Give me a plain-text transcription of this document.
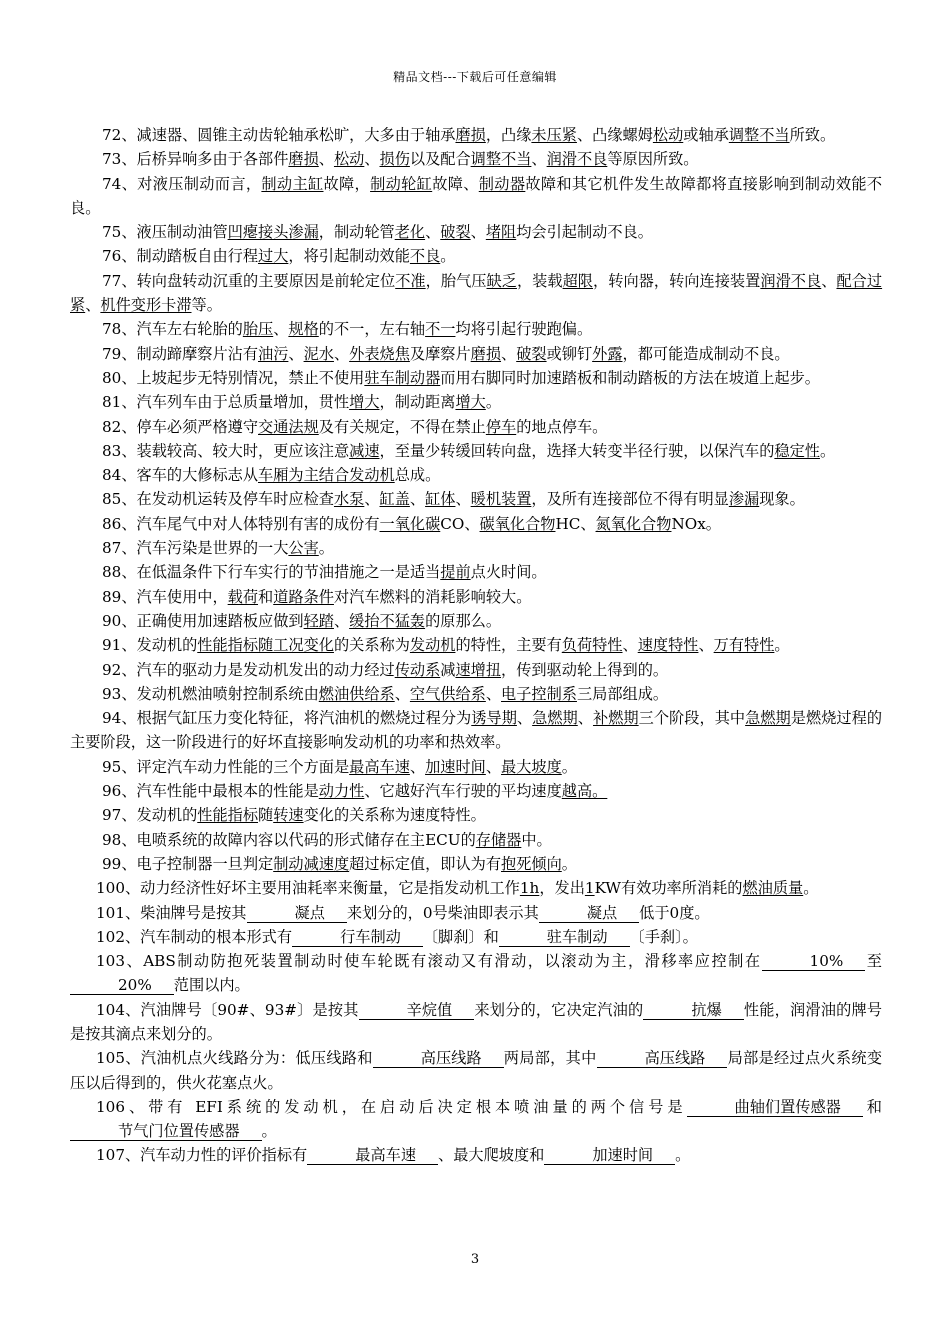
精品文档---下载后可任意编辑

72、减速器、圆锥主动齿轮轴承松旷，大多由于轴承磨损，凸缘未压紧、凸缘螺姆松动或轴承调整不当所致。

73、后桥异响多由于各部件磨损、松动、损伤以及配合调整不当、润滑不良等原因所致。

74、对液压制动而言，制动主缸故障，制动轮缸故障、制动器故障和其它机件发生故障都将直接影响到制动效能不良。

75、液压制动油管凹瘪接头渗漏，制动轮管老化、破裂、堵阻均会引起制动不良。

76、制动踏板自由行程过大，将引起制动效能不良。

77、转向盘转动沉重的主要原因是前轮定位不准，胎气压缺乏，装载超限，转向器，转向连接装置润滑不良、配合过紧、机件变形卡滞等。

78、汽车左右轮胎的胎压、规格的不一，左右轴不一均将引起行驶跑偏。

79、制动蹄摩察片沾有油污、泥水、外表烧焦及摩察片磨损、破裂或铆钉外露，都可能造成制动不良。

80、上坡起步无特别情况，禁止不使用驻车制动器而用右脚同时加速踏板和制动踏板的方法在坡道上起步。

81、汽车列车由于总质量增加，贯性增大，制动距离增大。

82、停车必须严格遵守交通法规及有关规定，不得在禁止停车的地点停车。

83、装载较高、较大时，更应该注意减速，至量少转缓回转向盘，选择大转变半径行驶，以保汽车的稳定性。

84、客车的大修标志从车厢为主结合发动机总成。

85、在发动机运转及停车时应检查水泵、缸盖、缸体、暖机装置，及所有连接部位不得有明显渗漏现象。

86、汽车尾气中对人体特别有害的成份有一氧化碳CO、碳氧化合物HC、氮氧化合物NOx。

87、汽车污染是世界的一大公害。

88、在低温条件下行车实行的节油措施之一是适当提前点火时间。

89、汽车使用中，载荷和道路条件对汽车燃料的消耗影响较大。

90、正确使用加速踏板应做到轻踏、缓抬不猛轰的原那么。

91、发动机的性能指标随工况变化的关系称为发动机的特性，主要有负荷特性、速度特性、万有特性。

92、汽车的驱动力是发动机发出的动力经过传动系减速增扭，传到驱动轮上得到的。

93、发动机燃油喷射控制系统由燃油供给系、空气供给系、电子控制系三局部组成。

94、根据气缸压力变化特征，将汽油机的燃烧过程分为诱导期、急燃期、补燃期三个阶段，其中急燃期是燃烧过程的主要阶段，这一阶段进行的好坏直接影响发动机的功率和热效率。

95、评定汽车动力性能的三个方面是最高车速、加速时间、最大坡度。

96、汽车性能中最根本的性能是动力性、它越好汽车行驶的平均速度越高。

97、发动机的性能指标随转速变化的关系称为速度特性。

98、电喷系统的故障内容以代码的形式储存在主ECU的存储器中。

99、电子控制器一旦判定制动减速度超过标定值，即认为有抱死倾向。

100、动力经济性好坏主要用油耗率来衡量，它是指发动机工作1h，发出1KW有效功率所消耗的燃油质量。

101、柴油牌号是按其	凝点 来划分的，0号柴油即表示其	凝点 低于0度。

102、汽车制动的根本形式有	行车制动 〔脚刹〕和	驻车制动 〔手刹〕。

103、ABS制动防抱死装置制动时使车轮既有滚动又有滑动，以滚动为主，滑移率应控制在	10% 至20% 范围以内。

104、汽油牌号〔90#、93#〕是按其	辛烷值 来划分的，它决定汽油的	抗爆 性能，润滑油的牌号是按其滴点来划分的。

105、汽油机点火线路分为：低压线路和	高压线路 两局部，其中	高压线路 局部是经过点火系统变压以后得到的，供火花塞点火。

106、带有 EFI系统的发动机，在启动后决定根本喷油量的两个信号是	曲轴们置传感器 和节气门位置传感器 。

107、汽车动力性的评价指标有	最高车速 、最大爬坡度和	加速时间 。

3
